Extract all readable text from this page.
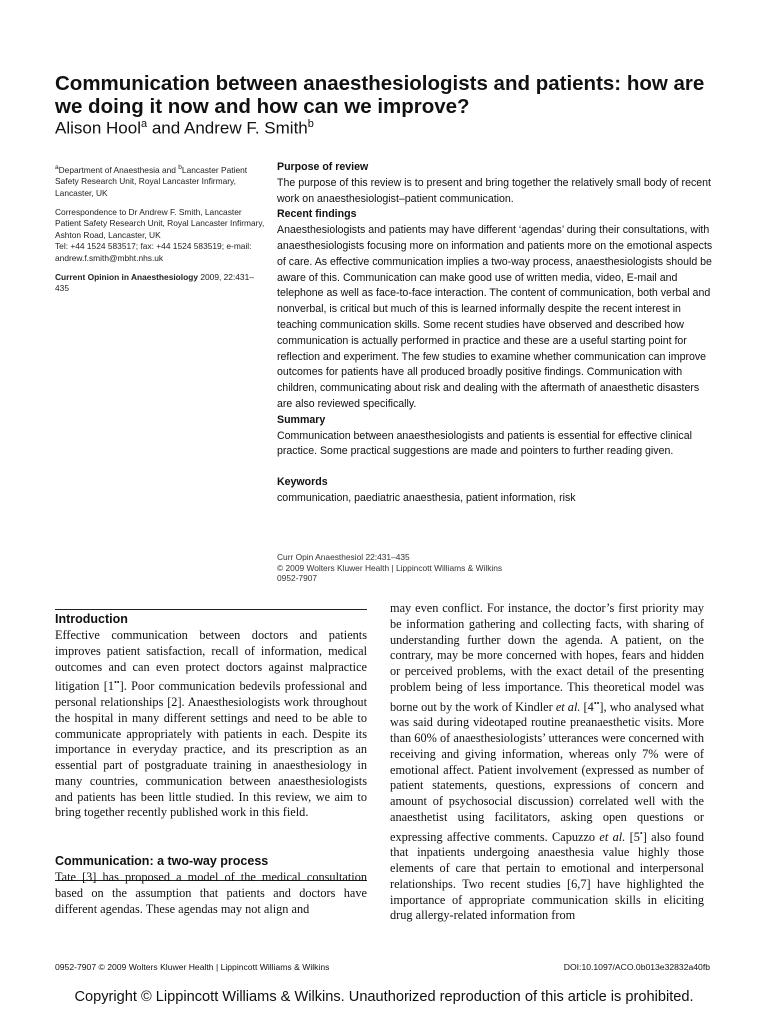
Communication between anaesthesiologists and patients: how are we doing it now and how can we improve?
Alison Hool$^a$ and Andrew F. Smith$^b$

$^a$Department of Anaesthesia and $^b$Lancaster Patient Safety Research Unit, Royal Lancaster Infirmary, Lancaster, UK

Correspondence to Dr Andrew F. Smith, Lancaster Patient Safety Research Unit, Royal Lancaster Infirmary, Ashton Road, Lancaster, UK
Tel: +44 1524 583517; fax: +44 1524 583519; e-mail: andrew.f.smith@mbht.nhs.uk

Current Opinion in Anaesthesiology 2009, 22:431–435

Purpose of review

The purpose of this review is to present and bring together the relatively small body of recent work on anaesthesiologist–patient communication.

Recent findings

Anaesthesiologists and patients may have different ‘agendas’ during their consultations, with anaesthesiologists focusing more on information and patients more on the emotional aspects of care. As effective communication implies a two-way process, anaesthesiologists should be aware of this. Communication can make good use of written media, video, E-mail and telephone as well as face-to-face interaction. The content of communication, both verbal and nonverbal, is critical but much of this is learned informally despite the recent interest in teaching communication skills. Some recent studies have observed and described how communication is actually performed in practice and these are a useful starting point for reflection and experiment. The few studies to examine whether communication can improve outcomes for patients have all produced broadly positive findings. Communication with children, communicating about risk and dealing with the aftermath of anaesthetic disasters are also reviewed specifically.

Summary

Communication between anaesthesiologists and patients is essential for effective clinical practice. Some practical suggestions are made and pointers to further reading given.

Keywords

communication, paediatric anaesthesia, patient information, risk

Curr Opin Anaesthesiol 22:431–435
© 2009 Wolters Kluwer Health | Lippincott Williams & Wilkins
0952-7907
Introduction

Effective communication between doctors and patients improves patient satisfaction, recall of information, medical outcomes and can even protect doctors against malpractice litigation [1••]. Poor communication bedevils professional and personal relationships [2]. Anaesthesiologists work throughout the hospital in many different settings and need to be able to communicate appropriately with patients in each. Despite its importance in everyday practice, and its prescription as an essential part of postgraduate training in anaesthesiology in many countries, communication between anaesthesiologists and patients has been little studied. In this review, we aim to bring together recently published work in this field.

Communication: a two-way process

Tate [3] has proposed a model of the medical consultation based on the assumption that patients and doctors have different agendas. These agendas may not align and

may even conflict. For instance, the doctor’s first priority may be information gathering and collecting facts, with sharing of understanding further down the agenda. A patient, on the contrary, may be more concerned with hopes, fears and hidden or perceived problems, with the exact detail of the presenting problem being of less importance. This theoretical model was borne out by the work of Kindler et al. [4••], who analysed what was said during videotaped routine preanaesthetic visits. More than 60% of anaesthesiologists’ utterances were concerned with receiving and giving information, whereas only 7% were of emotional affect. Patient involvement (expressed as number of patient statements, questions, expressions of concern and amount of psychosocial discussion) correlated well with the anaesthetist using facilitators, asking open questions or expressing affective comments. Capuzzo et al. [5•] also found that inpatients undergoing anaesthesia value highly those elements of care that pertain to emotional and interpersonal relationships. Two recent studies [6,7] have highlighted the importance of appropriate communication skills in eliciting drug allergy-related information from

0952-7907 © 2009 Wolters Kluwer Health | Lippincott Williams & Wilkins	DOI:10.1097/ACO.0b013e32832a40fb
Copyright © Lippincott Williams & Wilkins. Unauthorized reproduction of this article is prohibited.
